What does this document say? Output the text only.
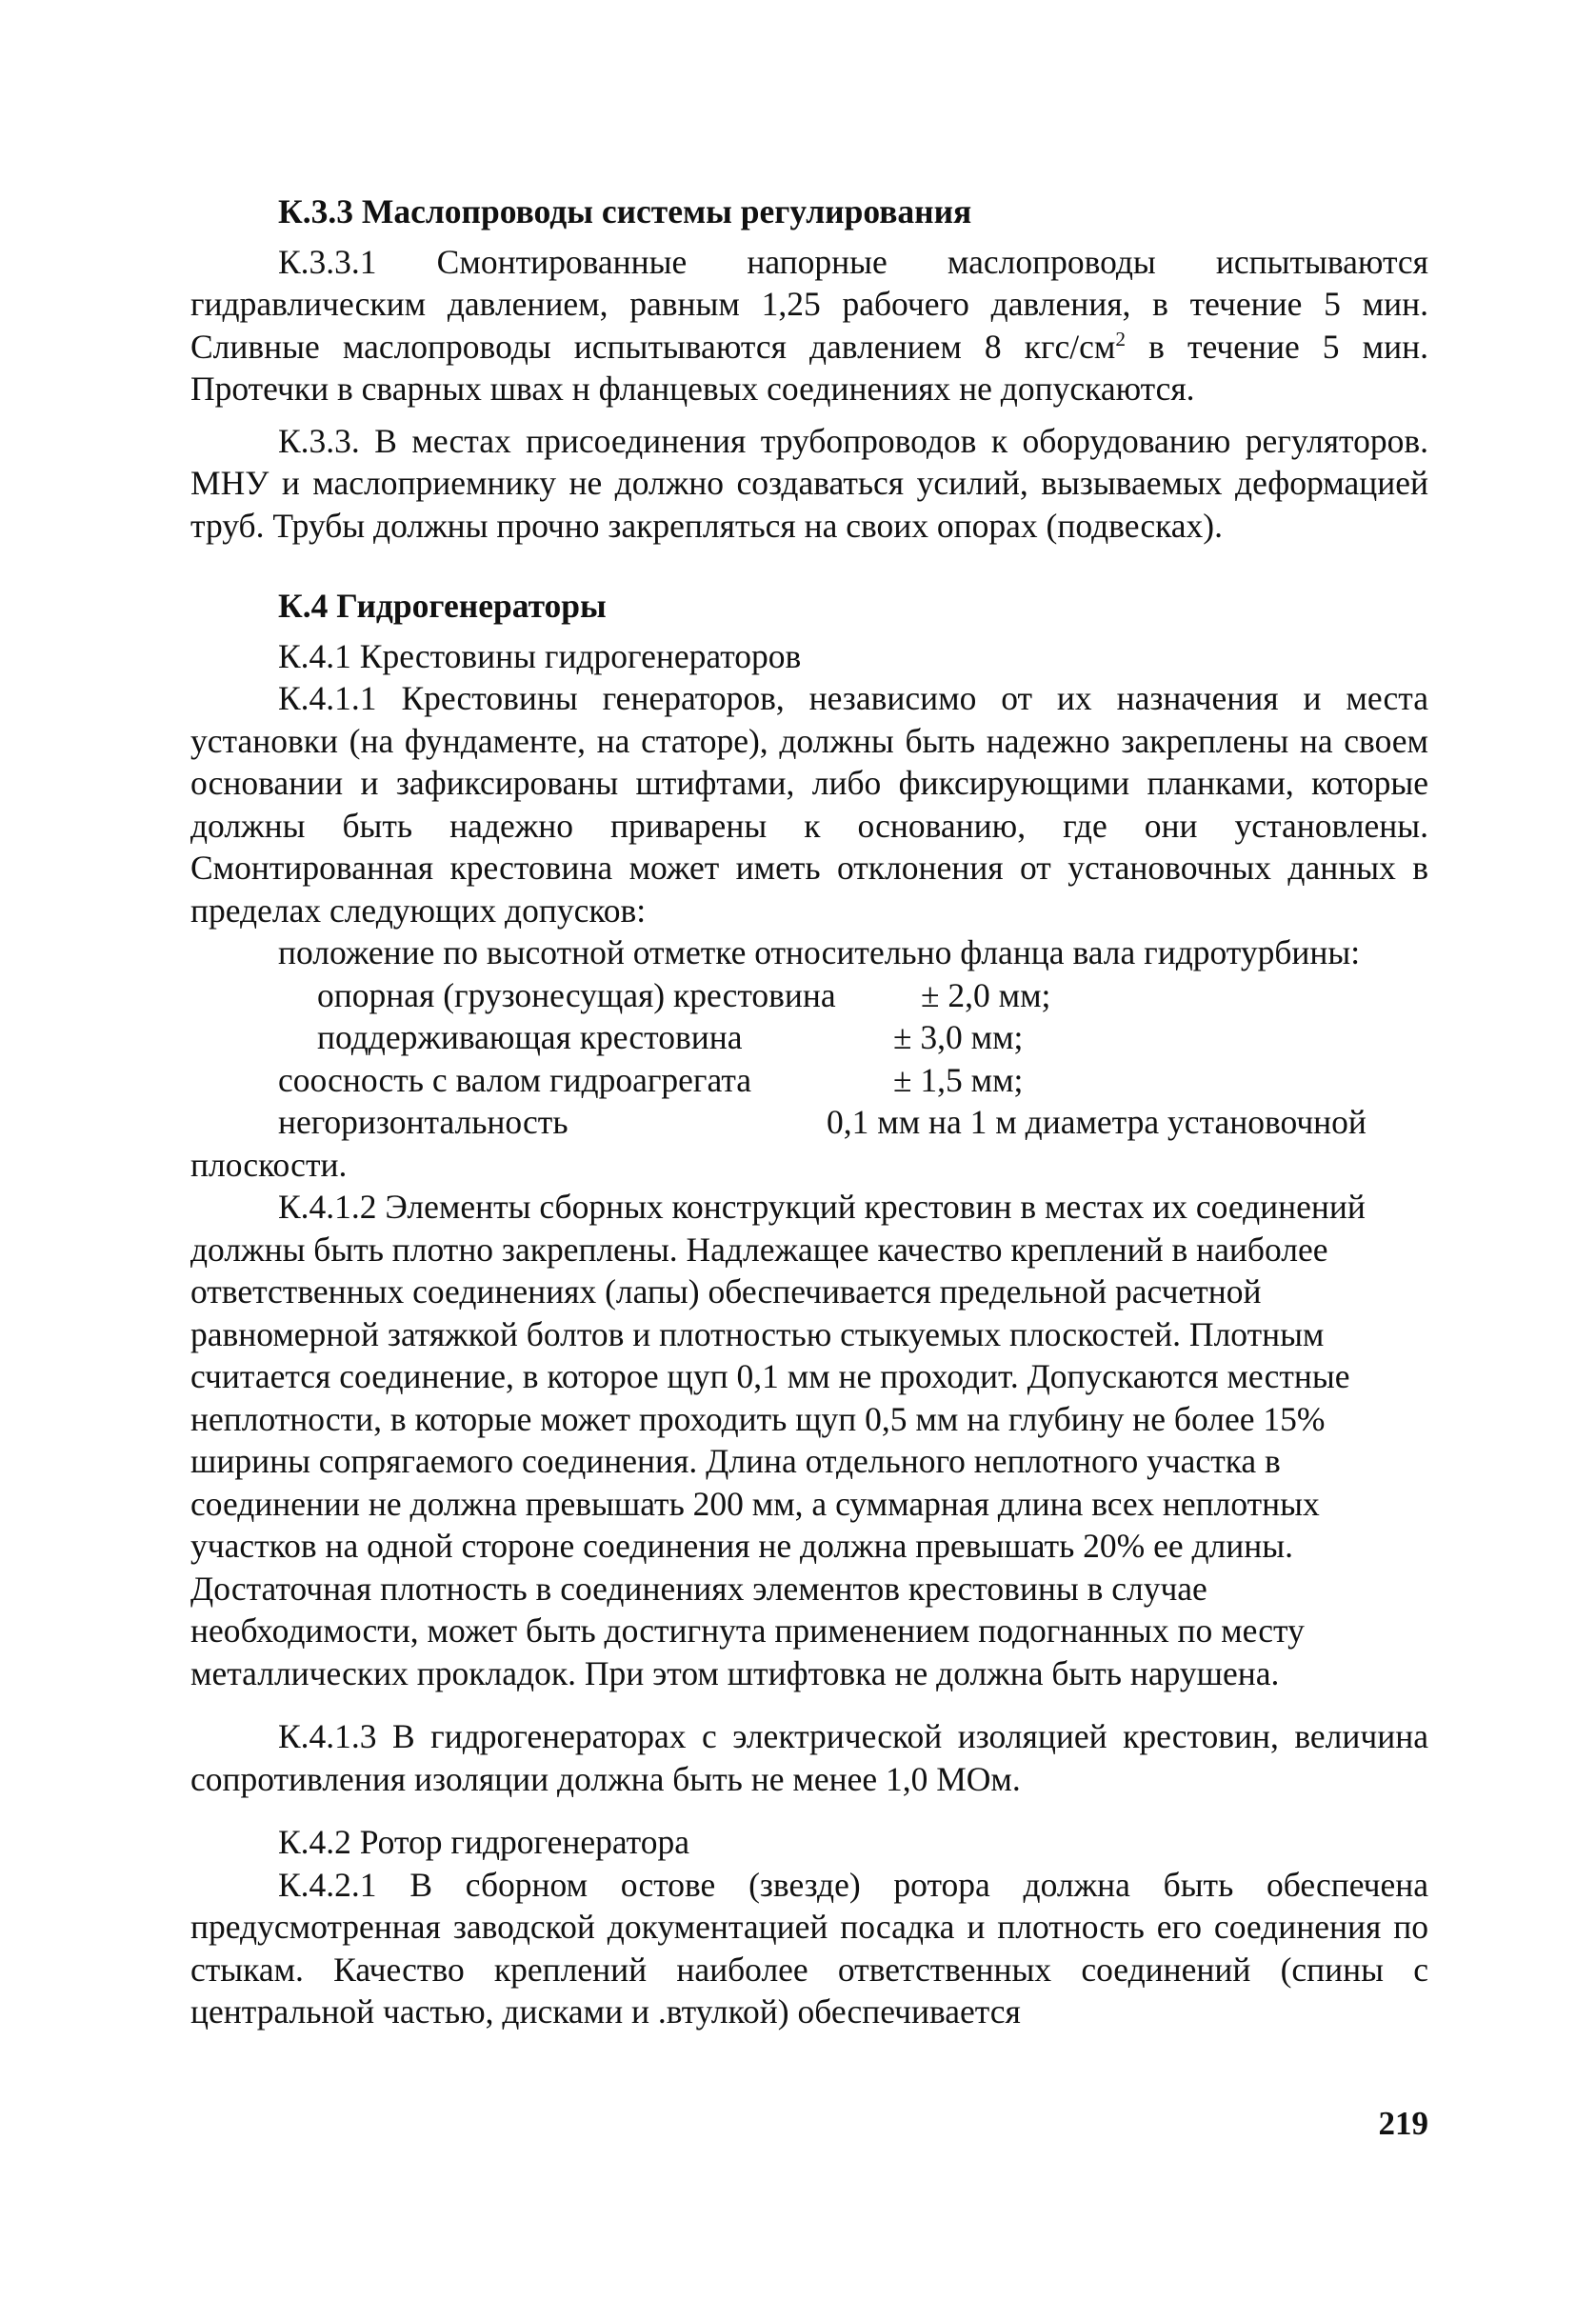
К.3.3 Маслопроводы системы регулирования

К.3.3.1 Смонтированные напорные маслопроводы испытываются гидравлическим давлением, равным 1,25 рабочего давления, в течение 5 мин. Сливные маслопроводы испытываются давлением 8 кгс/$см^2$ в течение 5 мин. Протечки в сварных швах н фланцевых соединениях не допускаются.

К.3.3. В местах присоединения трубопроводов к оборудованию регуляторов. МНУ и маслоприемнику не должно создаваться усилий, вызываемых деформацией труб. Трубы должны прочно закрепляться на своих опорах (подвесках).

К.4 Гидрогенераторы

К.4.1 Крестовины гидрогенераторов

К.4.1.1 Крестовины генераторов, независимо от их назначения и места установки (на фундаменте, на статоре), должны быть надежно закреплены на своем основании и зафиксированы штифтами, либо фиксирующими планками, которые должны быть надежно приварены к основанию, где они установлены. Смонтированная крестовина может иметь отклонения от установочных данных в пределах следующих допусков:

положение по высотной отметке относительно фланца вала гидротурбины:

опорная (грузонесущая) крестовина	± 2,0 мм;
поддерживающая крестовина	± 3,0 мм;
соосность с валом гидроагрегата	± 1,5 мм;
негоризонтальность	0,1 мм на 1 м диаметра установочной

плоскости.

К.4.1.2 Элементы сборных конструкций крестовин в местах их соединений должны быть плотно закреплены. Надлежащее качество креплений в наиболее ответственных соединениях (лапы) обеспечивается предельной расчетной равномерной затяжкой болтов и плотностью стыкуемых плоскостей. Плотным считается соединение, в которое щуп 0,1 мм не проходит. Допускаются местные неплотности, в которые может проходить щуп 0,5 мм на глубину не более 15% ширины сопрягаемого соединения. Длина отдельного неплотного участка в соединении не должна превышать 200 мм, а суммарная длина всех неплотных участков на одной стороне соединения не должна превышать 20% ее длины. Достаточная плотность в соединениях элементов крестовины в случае необходимости, может быть достигнута применением подогнанных по месту металлических прокладок. При этом штифтовка не должна быть нарушена.

К.4.1.3 В гидрогенераторах с электрической изоляцией крестовин, величина сопротивления изоляции должна быть не менее 1,0 МОм.

К.4.2 Ротор гидрогенератора

К.4.2.1 В сборном остове (звезде) ротора должна быть обеспечена предусмотренная заводской документацией посадка и плотность его соединения по стыкам. Качество креплений наиболее ответственных соединений (спины с центральной частью, дисками и .втулкой) обеспечивается

219
